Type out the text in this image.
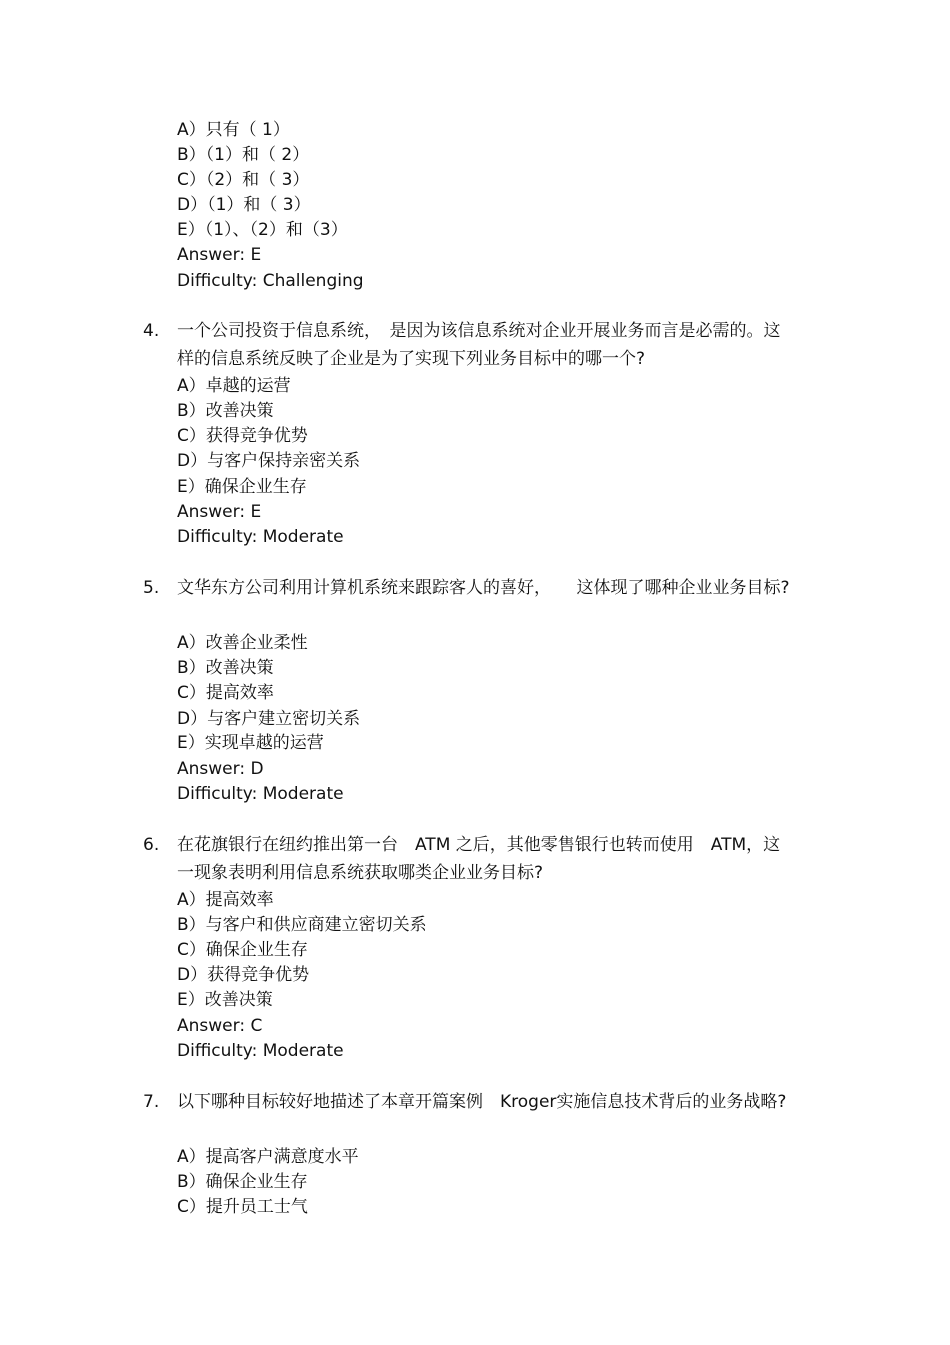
A）只有（ 1）
B）（1）和（ 2）
C）（2）和（ 3）
D）（1）和（ 3）
E）（1）、（2）和（3）
Answer: E
Difficulty: Challenging
4. 一个公司投资于信息系统，　是因为该信息系统对企业开展业务而言是必需的。这样的信息系统反映了企业是为了实现下列业务目标中的哪一个?
A）卓越的运营
B）改善决策
C）获得竞争优势
D）与客户保持亲密关系
E）确保企业生存
Answer: E
Difficulty: Moderate
5. 文华东方公司利用计算机系统来跟踪客人的喜好，　　这体现了哪种企业业务目标?
A）改善企业柔性
B）改善决策
C）提高效率
D）与客户建立密切关系
E）实现卓越的运营
Answer: D
Difficulty: Moderate
6. 在花旗银行在纽约推出第一台　ATM 之后，其他零售银行也转而使用　ATM，这一现象表明利用信息系统获取哪类企业业务目标?
A）提高效率
B）与客户和供应商建立密切关系
C）确保企业生存
D）获得竞争优势
E）改善决策
Answer: C
Difficulty: Moderate
7. 以下哪种目标较好地描述了本章开篇案例　Kroger实施信息技术背后的业务战略?
A）提高客户满意度水平
B）确保企业生存
C）提升员工士气
